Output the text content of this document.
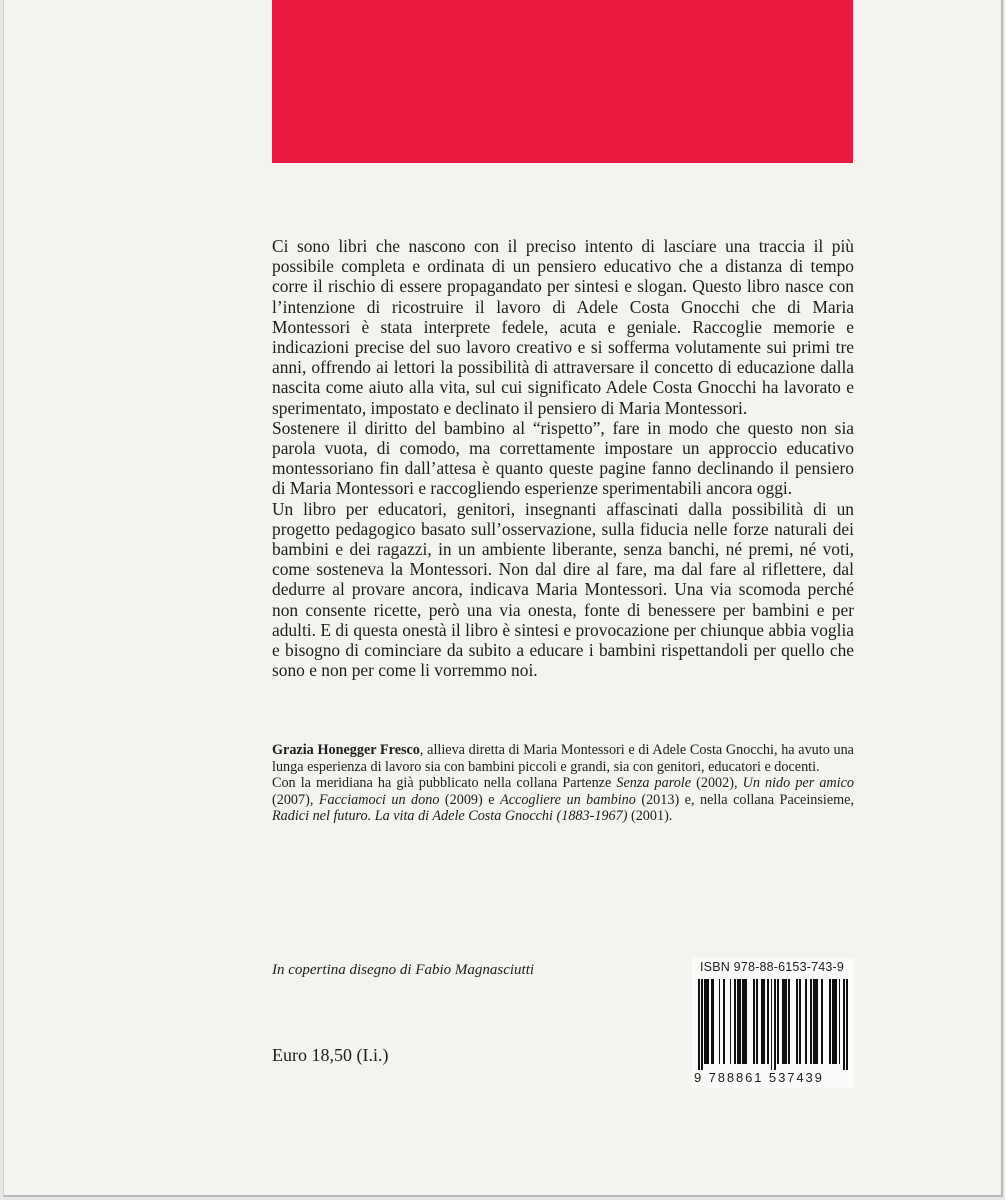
Ci sono libri che nascono con il preciso intento di lasciare una traccia il più possibile completa e ordinata di un pensiero educativo che a distanza di tempo corre il rischio di essere propagandato per sintesi e slogan. Questo libro nasce con l’intenzione di ricostruire il lavoro di Adele Costa Gnocchi che di Maria Montessori è stata interprete fedele, acuta e geniale. Raccoglie memorie e indicazioni precise del suo lavoro creativo e si sofferma volutamente sui primi tre anni, offrendo ai lettori la possibilità di attraversare il concetto di educazione dalla nascita come aiuto alla vita, sul cui significato Adele Costa Gnocchi ha lavorato e sperimentato, impostato e declinato il pensiero di Maria Montessori.

Sostenere il diritto del bambino al “rispetto”, fare in modo che questo non sia parola vuota, di comodo, ma correttamente impostare un approccio educativo montessoriano fin dall’attesa è quanto queste pagine fanno declinando il pensiero di Maria Montessori e raccogliendo esperienze sperimentabili ancora oggi.

Un libro per educatori, genitori, insegnanti affascinati dalla possibilità di un progetto pedagogico basato sull’osservazione, sulla fiducia nelle forze naturali dei bambini e dei ragazzi, in un ambiente liberante, senza banchi, né premi, né voti, come sosteneva la Montessori. Non dal dire al fare, ma dal fare al riflettere, dal dedurre al provare ancora, indicava Maria Montessori. Una via scomoda perché non consente ricette, però una via onesta, fonte di benessere per bambini e per adulti. E di questa onestà il libro è sintesi e provocazione per chiunque abbia voglia e bisogno di cominciare da subito a educare i bambini rispettandoli per quello che sono e non per come li vorremmo noi.

Grazia Honegger Fresco, allieva diretta di Maria Montessori e di Adele Costa Gnocchi, ha avuto una lunga esperienza di lavoro sia con bambini piccoli e grandi, sia con genitori, educatori e docenti.

Con la meridiana ha già pubblicato nella collana Partenze Senza parole (2002), Un nido per amico (2007), Facciamoci un dono (2009) e Accogliere un bambino (2013) e, nella collana Paceinsieme, Radici nel futuro. La vita di Adele Costa Gnocchi (1883-1967) (2001).

In copertina disegno di Fabio Magnasciutti
Euro 18,50 (I.i.)
ISBN 978-88-6153-743-9
9 788861 537439
